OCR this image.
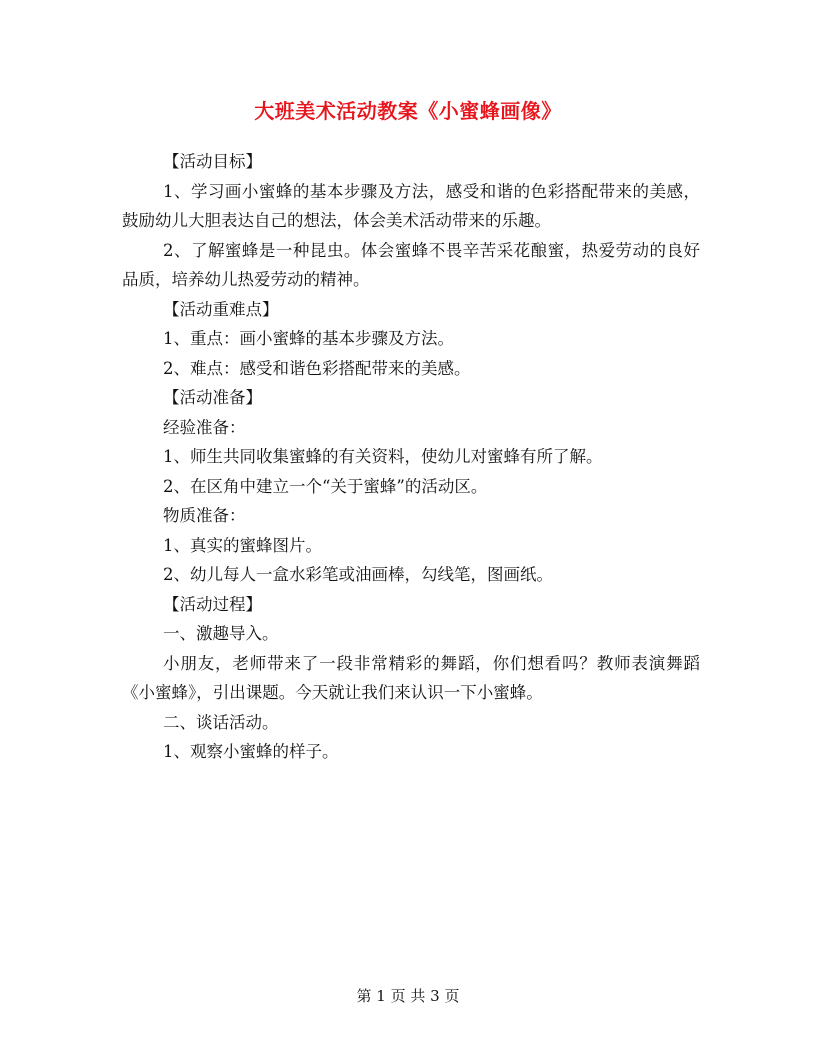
大班美术活动教案《小蜜蜂画像》

【活动目标】

1、学习画小蜜蜂的基本步骤及方法，感受和谐的色彩搭配带来的美感，鼓励幼儿大胆表达自己的想法，体会美术活动带来的乐趣。

2、了解蜜蜂是一种昆虫。体会蜜蜂不畏辛苦采花酿蜜，热爱劳动的良好品质，培养幼儿热爱劳动的精神。

【活动重难点】

1、重点：画小蜜蜂的基本步骤及方法。

2、难点：感受和谐色彩搭配带来的美感。

【活动准备】

经验准备：

1、师生共同收集蜜蜂的有关资料，使幼儿对蜜蜂有所了解。

2、在区角中建立一个“关于蜜蜂”的活动区。

物质准备：

1、真实的蜜蜂图片。

2、幼儿每人一盒水彩笔或油画棒，勾线笔，图画纸。

【活动过程】

一、激趣导入。

小朋友，老师带来了一段非常精彩的舞蹈，你们想看吗？教师表演舞蹈《小蜜蜂》，引出课题。今天就让我们来认识一下小蜜蜂。

二、谈话活动。

1、观察小蜜蜂的样子。

第 1 页 共 3 页
